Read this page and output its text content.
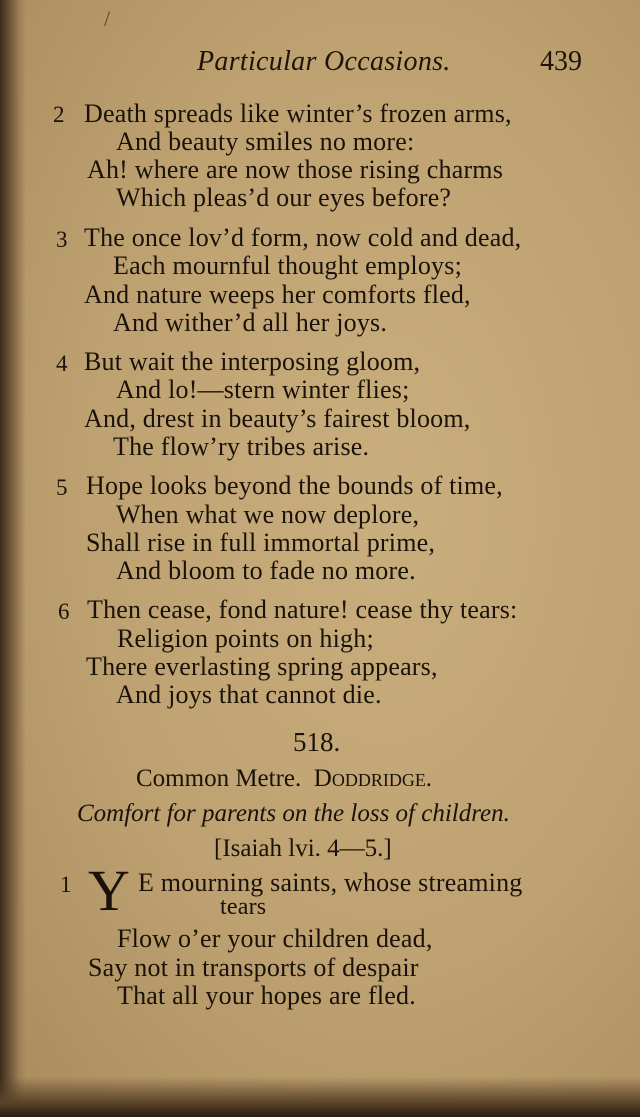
/
Particular Occasions.	439
2 Death spreads like winter’s frozen arms,
And beauty smiles no more:
Ah! where are now those rising charms
Which pleas’d our eyes before?
3 The once lov’d form, now cold and dead,
Each mournful thought employs;
And nature weeps her comforts fled,
And wither’d all her joys.
4 But wait the interposing gloom,
And lo!—stern winter flies;
And, drest in beauty’s fairest bloom,
The flow’ry tribes arise.
5 Hope looks beyond the bounds of time,
When what we now deplore,
Shall rise in full immortal prime,
And bloom to fade no more.
6 Then cease, fond nature! cease thy tears:
Religion points on high;
There everlasting spring appears,
And joys that cannot die.
518.
Common Metre. Doddridge.
Comfort for parents on the loss of children.
[Isaiah lvi. 4—5.]
1 Y E mourning saints, whose streaming
tears
Flow o’er your children dead,
Say not in transports of despair
That all your hopes are fled.
